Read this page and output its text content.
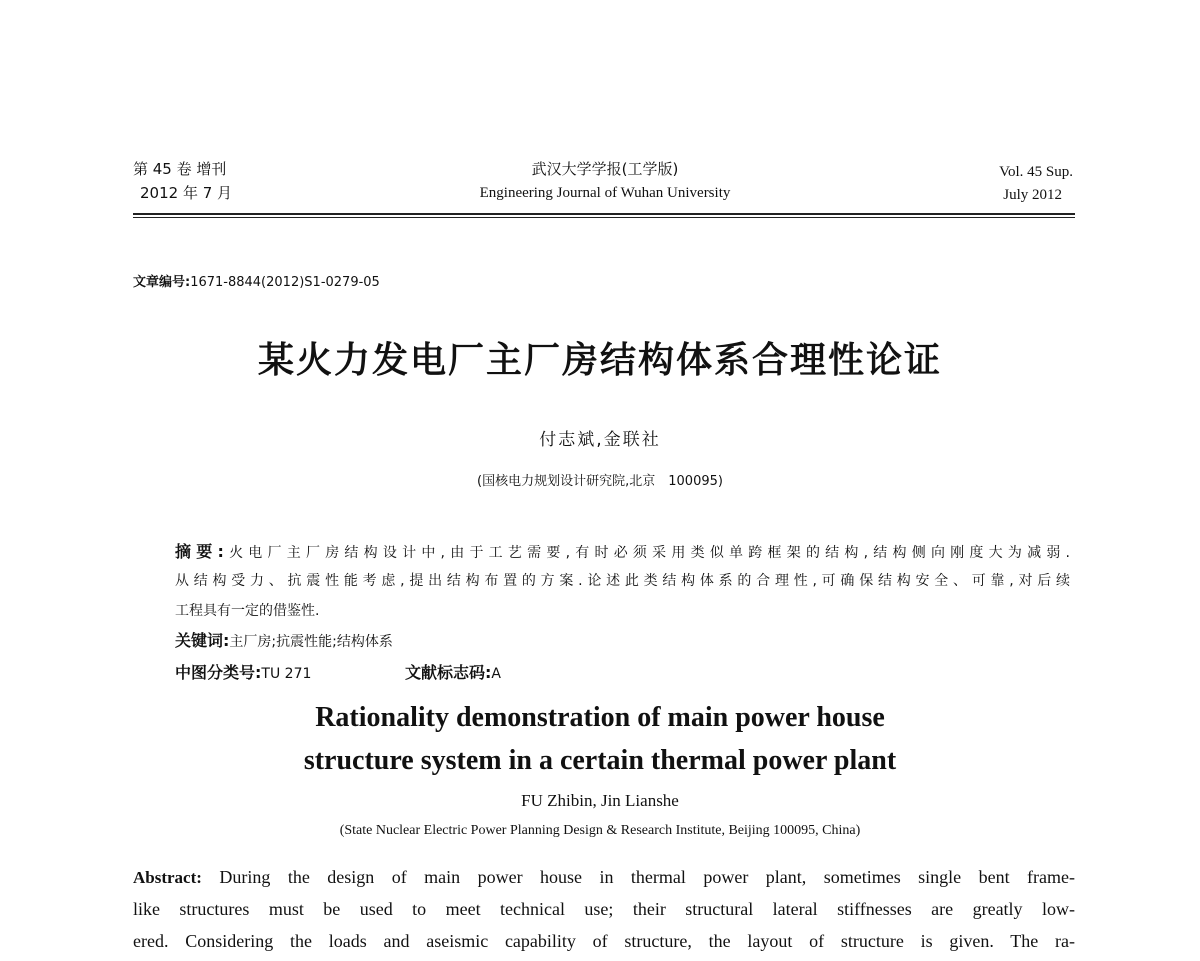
第 45 卷 增刊
2012 年 7 月
武汉大学学报(工学版)
Engineering Journal of Wuhan University
Vol. 45 Sup.
July 2012
文章编号:1671-8844(2012)S1-0279-05
某火力发电厂主厂房结构体系合理性论证
付志斌,金联社
(国核电力规划设计研究院,北京　100095)
摘要:火电厂主厂房结构设计中,由于工艺需要,有时必须采用类似单跨框架的结构,结构侧向刚度大为减弱.
从结构受力、抗震性能考虑,提出结构布置的方案.论述此类结构体系的合理性,可确保结构安全、可靠,对后续
工程具有一定的借鉴性.
关键词:主厂房;抗震性能;结构体系
中图分类号:TU 271	文献标志码:A
Rationality demonstration of main power house
structure system in a certain thermal power plant
FU Zhibin, Jin Lianshe
(State Nuclear Electric Power Planning Design & Research Institute, Beijing 100095, China)
Abstract: During the design of main power house in thermal power plant, sometimes single bent frame-
like structures must be used to meet technical use; their structural lateral stiffnesses are greatly low-
ered. Considering the loads and aseismic capability of structure, the layout of structure is given. The ra-
